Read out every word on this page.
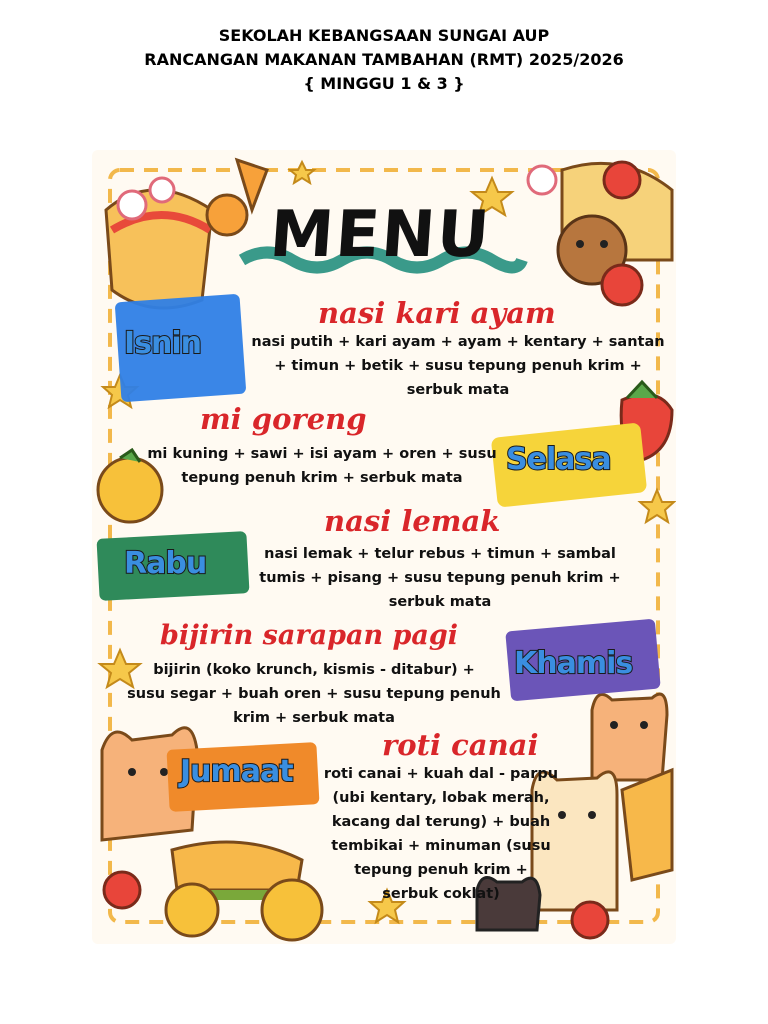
SEKOLAH KEBANGSAAN SUNGAI AUP
RANCANGAN MAKANAN TAMBAHAN (RMT) 2025/2026
{ MINGGU 1 & 3 }
MENU
nasi kari ayam
Isnin	nasi putih + kari ayam + ayam + kentary + santan
+ timun + betik + susu tepung penuh krim +
serbuk mata
mi goreng
Selasa
mi kuning + sawi + isi ayam + oren + susu
tepung penuh krim + serbuk mata
nasi lemak
Rabu	nasi lemak + telur rebus + timun + sambal
tumis + pisang + susu tepung penuh krim +
serbuk mata
bijirin sarapan pagi
Khamis
bijirin (koko krunch, kismis - ditabur) +
susu segar + buah oren + susu tepung penuh
krim + serbuk mata
roti canai
Jumaat	roti canai + kuah dal - parpu
(ubi kentary, lobak merah,
kacang dal terung) + buah
tembikai + minuman (susu
tepung penuh krim +
serbuk coklat)
